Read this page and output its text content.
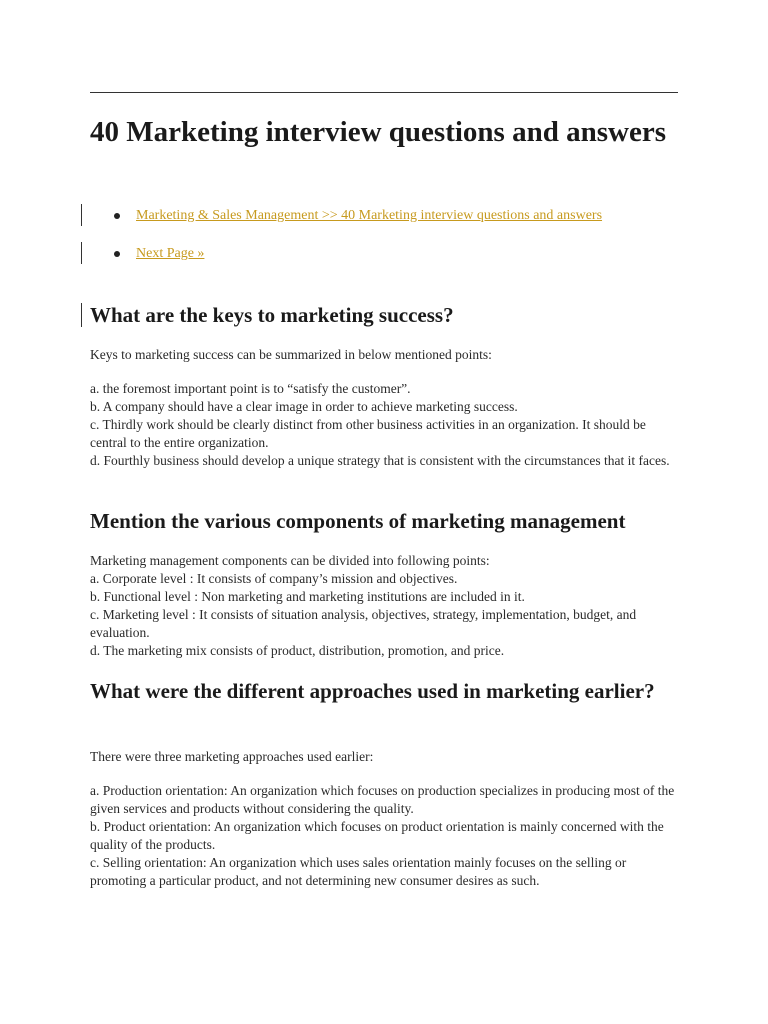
40 Marketing interview questions and answers
Marketing & Sales Management >> 40 Marketing interview questions and answers
Next Page »
What are the keys to marketing success?

Keys to marketing success can be summarized in below mentioned points:

a. the foremost important point is to “satisfy the customer”.

b. A company should have a clear image in order to achieve marketing success.

c. Thirdly work should be clearly distinct from other business activities in an organization. It should be central to the entire organization.

d. Fourthly business should develop a unique strategy that is consistent with the circumstances that it faces.

Mention the various components of marketing management

Marketing management components can be divided into following points:

a. Corporate level : It consists of company’s mission and objectives.

b. Functional level : Non marketing and marketing institutions are included in it.

c. Marketing level : It consists of situation analysis, objectives, strategy, implementation, budget, and evaluation.

d. The marketing mix consists of product, distribution, promotion, and price.

What were the different approaches used in marketing earlier?

There were three marketing approaches used earlier:

a. Production orientation: An organization which focuses on production specializes in producing most of the given services and products without considering the quality.

b. Product orientation: An organization which focuses on product orientation is mainly concerned with the quality of the products.

c. Selling orientation: An organization which uses sales orientation mainly focuses on the selling or promoting a particular product, and not determining new consumer desires as such.
